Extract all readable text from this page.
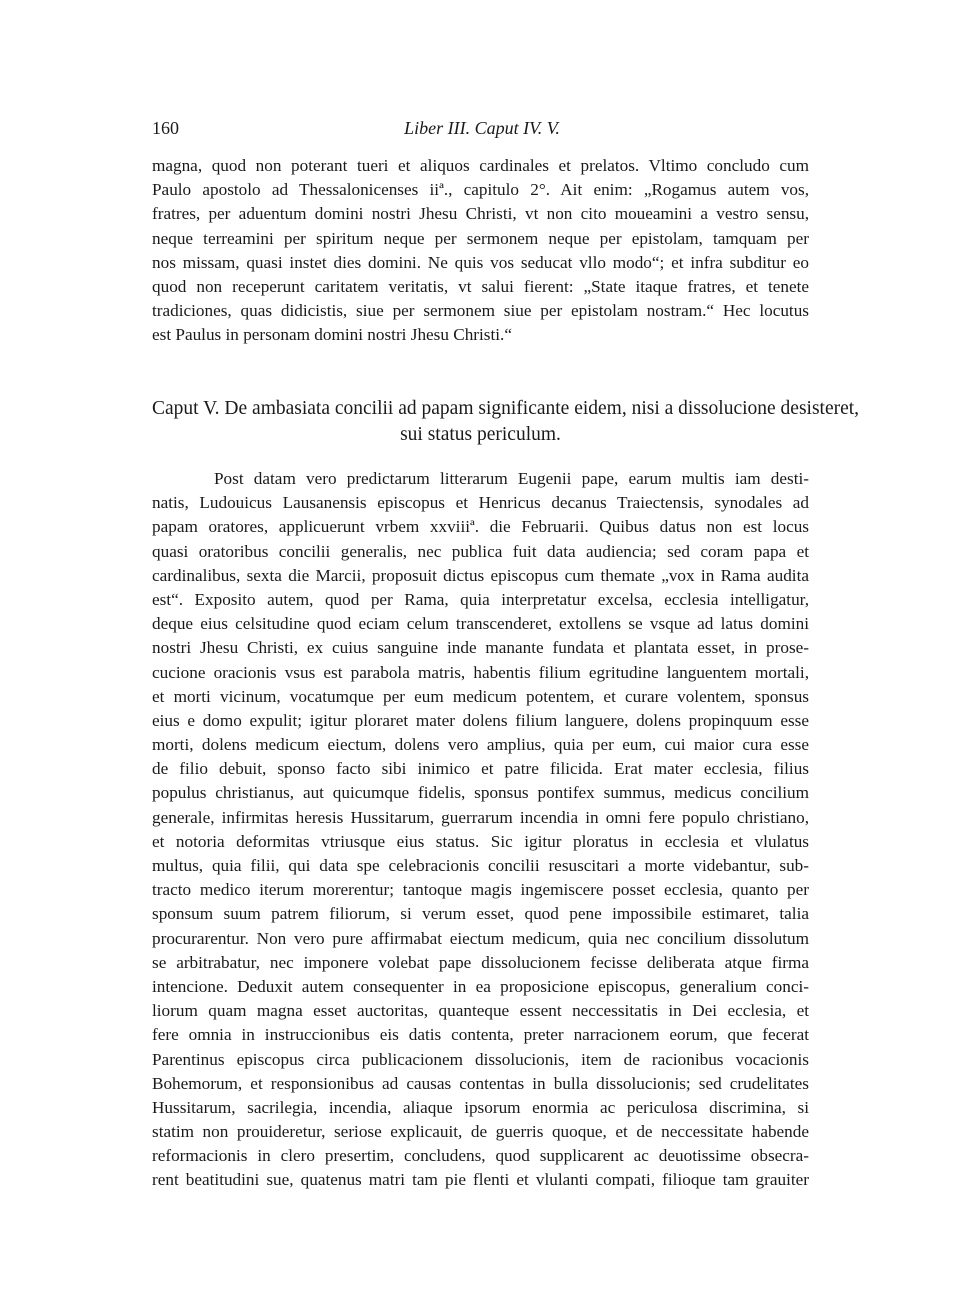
160	Liber III. Caput IV. V.
magna, quod non poterant tueri et aliquos cardinales et prelatos. Vltimo concludo cum
Paulo apostolo ad Thessalonicenses iiª., capitulo 2°. Ait enim: „Rogamus autem vos,
fratres, per aduentum domini nostri Jhesu Christi, vt non cito moueamini a vestro sensu,
neque terreamini per spiritum neque per sermonem neque per epistolam, tamquam per
nos missam, quasi instet dies domini. Ne quis vos seducat vllo modo“; et infra subditur eo
quod non receperunt caritatem veritatis, vt salui fierent: „State itaque fratres, et tenete
tradiciones, quas didicistis, siue per sermonem siue per epistolam nostram.“ Hec locutus
est Paulus in personam domini nostri Jhesu Christi.“
Caput V. De ambasiata concilii ad papam significante eidem, nisi a dissolucione desisteret,
sui status periculum.
Post datam vero predictarum litterarum Eugenii pape, earum multis iam desti-
natis, Ludouicus Lausanensis episcopus et Henricus decanus Traiectensis, synodales ad
papam oratores, applicuerunt vrbem xxviiiª. die Februarii. Quibus datus non est locus
quasi oratoribus concilii generalis, nec publica fuit data audiencia; sed coram papa et
cardinalibus, sexta die Marcii, proposuit dictus episcopus cum themate „vox in Rama audita
est“. Exposito autem, quod per Rama, quia interpretatur excelsa, ecclesia intelligatur,
deque eius celsitudine quod eciam celum transcenderet, extollens se vsque ad latus domini
nostri Jhesu Christi, ex cuius sanguine inde manante fundata et plantata esset, in prose-
cucione oracionis vsus est parabola matris, habentis filium egritudine languentem mortali,
et morti vicinum, vocatumque per eum medicum potentem, et curare volentem, sponsus
eius e domo expulit; igitur ploraret mater dolens filium languere, dolens propinquum esse
morti, dolens medicum eiectum, dolens vero amplius, quia per eum, cui maior cura esse
de filio debuit, sponso facto sibi inimico et patre filicida. Erat mater ecclesia, filius
populus christianus, aut quicumque fidelis, sponsus pontifex summus, medicus concilium
generale, infirmitas heresis Hussitarum, guerrarum incendia in omni fere populo christiano,
et notoria deformitas vtriusque eius status. Sic igitur ploratus in ecclesia et vlulatus
multus, quia filii, qui data spe celebracionis concilii resuscitari a morte videbantur, sub-
tracto medico iterum morerentur; tantoque magis ingemiscere posset ecclesia, quanto per
sponsum suum patrem filiorum, si verum esset, quod pene impossibile estimaret, talia
procurarentur. Non vero pure affirmabat eiectum medicum, quia nec concilium dissolutum
se arbitrabatur, nec imponere volebat pape dissolucionem fecisse deliberata atque firma
intencione. Deduxit autem consequenter in ea proposicione episcopus, generalium conci-
liorum quam magna esset auctoritas, quanteque essent neccessitatis in Dei ecclesia, et
fere omnia in instruccionibus eis datis contenta, preter narracionem eorum, que fecerat
Parentinus episcopus circa publicacionem dissolucionis, item de racionibus vocacionis
Bohemorum, et responsionibus ad causas contentas in bulla dissolucionis; sed crudelitates
Hussitarum, sacrilegia, incendia, aliaque ipsorum enormia ac periculosa discrimina, si
statim non prouideretur, seriose explicauit, de guerris quoque, et de neccessitate habende
reformacionis in clero presertim, concludens, quod supplicarent ac deuotissime obsecra-
rent beatitudini sue, quatenus matri tam pie flenti et vlulanti compati, filioque tam grauiter
